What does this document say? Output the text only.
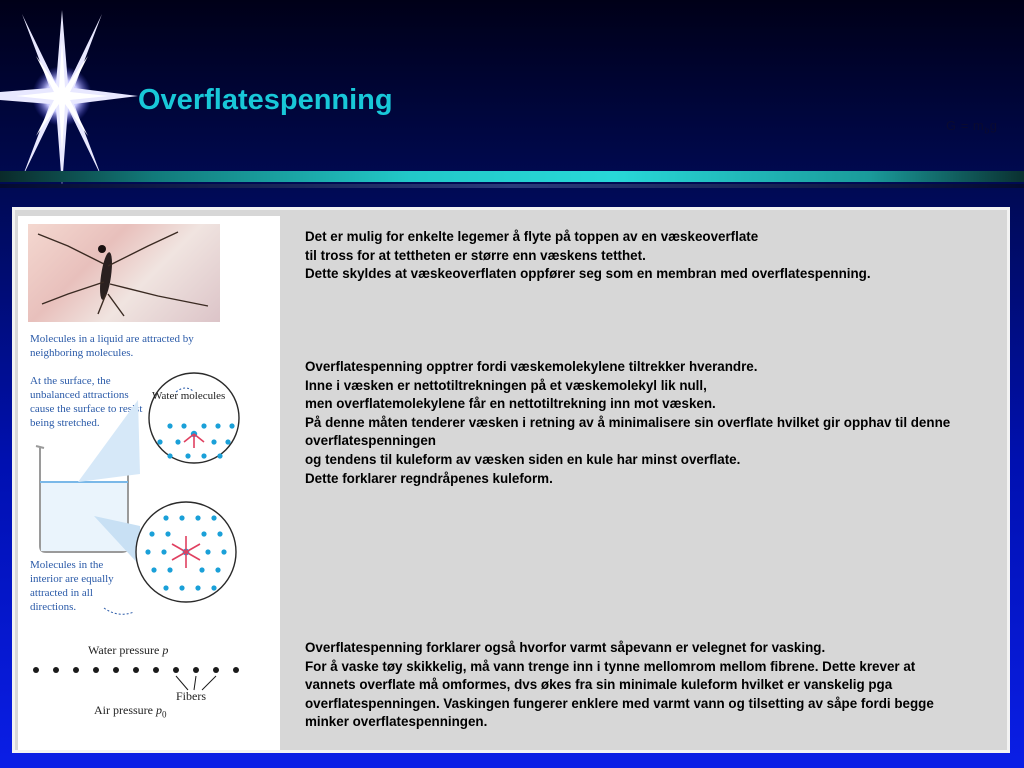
Overflatespenning
$G = m_bg$

Molecules in a liquid are attracted by neighboring molecules.

At the surface, the unbalanced attractions cause the surface to resist being stretched.

Water molecules

Molecules in the interior are equally attracted in all directions.

Water pressure p

Fibers

Air pressure $p_0$

Det er mulig for enkelte legemer å flyte på toppen av en væskeoverflate
til tross for at tettheten er større enn væskens tetthet.
Dette skyldes at væskeoverflaten oppfører seg som en membran med overflatespenning.

Overflatespenning opptrer fordi væskemolekylene tiltrekker hverandre.
Inne i væsken er nettotiltrekningen på et væskemolekyl lik null,
men overflatemolekylene får en nettotiltrekning inn mot væsken.
På denne måten tenderer væsken i retning av å minimalisere sin overflate hvilket gir opphav til denne overflatespenningen
og tendens til kuleform av væsken siden en kule har minst overflate.
Dette forklarer regndråpenes kuleform.

Overflatespenning forklarer også hvorfor varmt såpevann er velegnet for vasking.
For å vaske tøy skikkelig, må vann trenge inn i tynne mellomrom mellom fibrene. Dette krever at vannets overflate må omformes, dvs økes fra sin minimale kuleform hvilket er vanskelig pga overflatespenningen. Vaskingen fungerer enklere med varmt vann og tilsetting av såpe fordi begge minker overflatespenningen.
